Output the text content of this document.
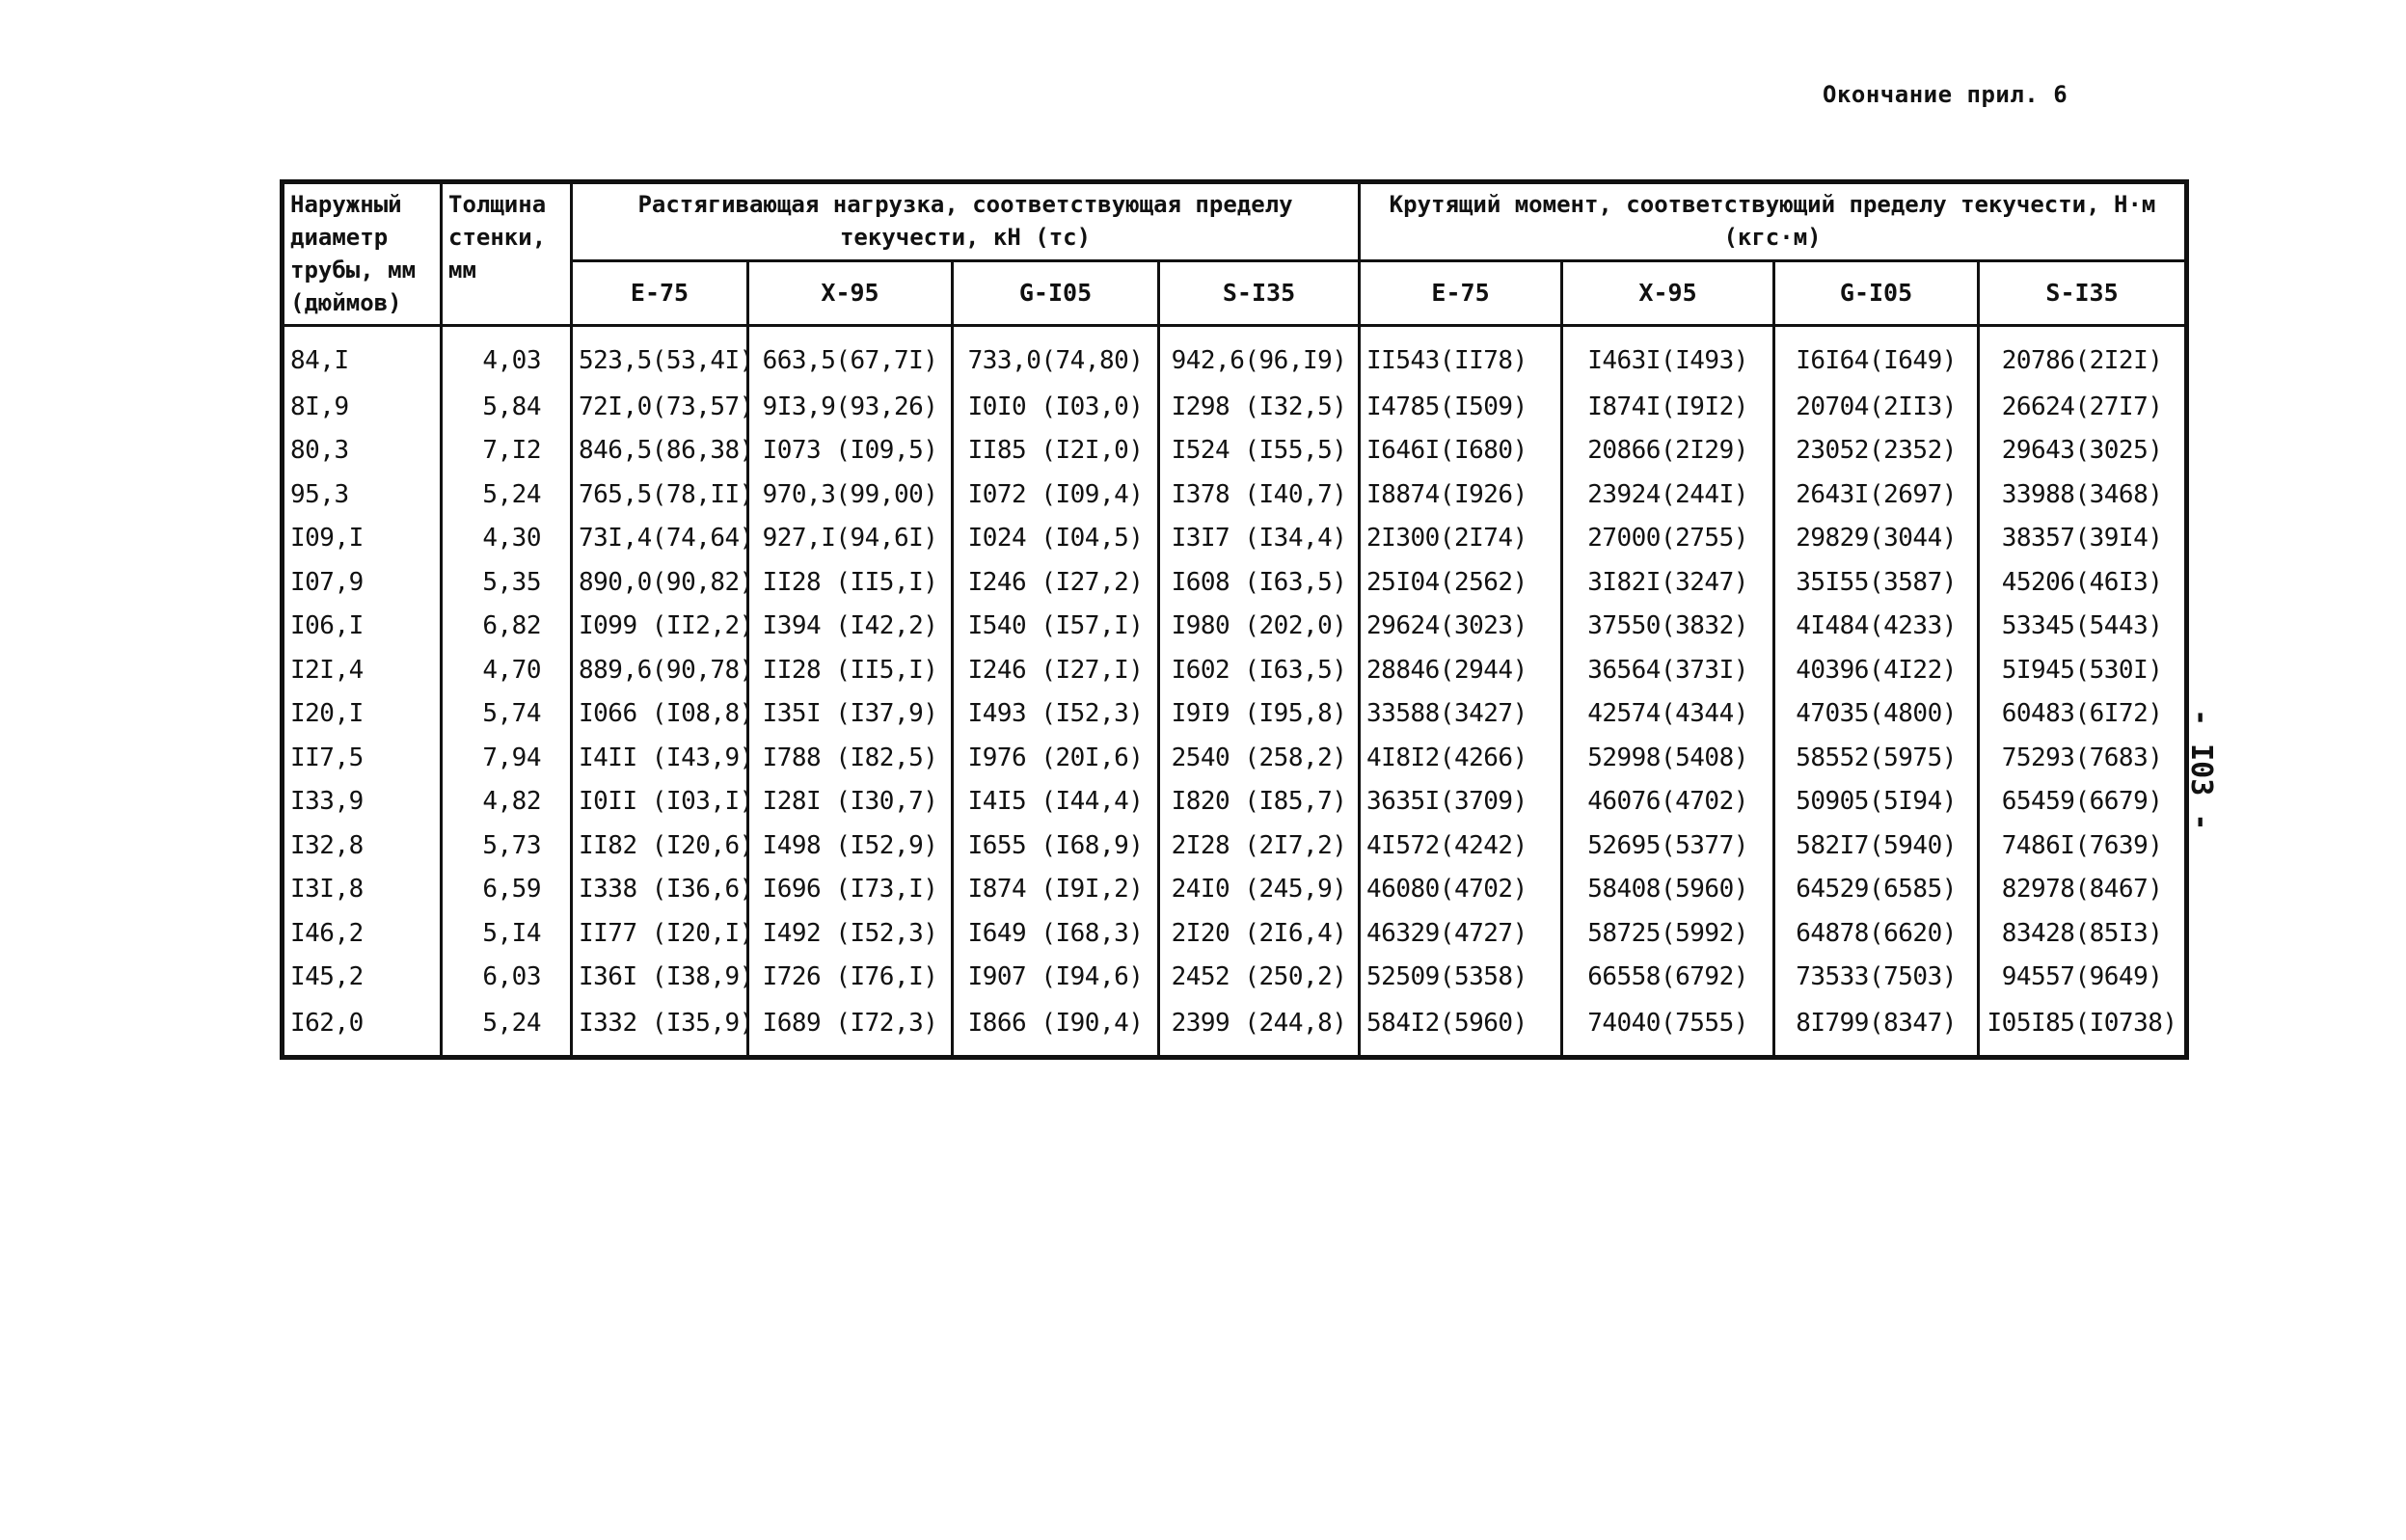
Окончание прил. 6
- I03 -
Наружный диаметр трубы, мм (дюймов)	Толщина стенки, мм	Растягивающая нагрузка, соответствующая пределу текучести, кН (тс)				Крутящий момент, соответствующий пределу текучести, Н·м (кгс·м)			
		Е-75	Х-95	G-I05	S-I35	Е-75	Х-95	G-I05	S-I35
84,I	4,03	523,5(53,4I)	663,5(67,7I)	733,0(74,80)	942,6(96,I9)	II543(II78)	I463I(I493)	I6I64(I649)	20786(2I2I)
8I,9	5,84	72I,0(73,57)	9I3,9(93,26)	I0I0 (I03,0)	I298 (I32,5)	I4785(I509)	I874I(I9I2)	20704(2II3)	26624(27I7)
80,3	7,I2	846,5(86,38)	I073 (I09,5)	II85 (I2I,0)	I524 (I55,5)	I646I(I680)	20866(2I29)	23052(2352)	29643(3025)
95,3	5,24	765,5(78,II)	970,3(99,00)	I072 (I09,4)	I378 (I40,7)	I8874(I926)	23924(244I)	2643I(2697)	33988(3468)
I09,I	4,30	73I,4(74,64)	927,I(94,6I)	I024 (I04,5)	I3I7 (I34,4)	2I300(2I74)	27000(2755)	29829(3044)	38357(39I4)
I07,9	5,35	890,0(90,82)	II28 (II5,I)	I246 (I27,2)	I608 (I63,5)	25I04(2562)	3I82I(3247)	35I55(3587)	45206(46I3)
I06,I	6,82	I099 (II2,2)	I394 (I42,2)	I540 (I57,I)	I980 (202,0)	29624(3023)	37550(3832)	4I484(4233)	53345(5443)
I2I,4	4,70	889,6(90,78)	II28 (II5,I)	I246 (I27,I)	I602 (I63,5)	28846(2944)	36564(373I)	40396(4I22)	5I945(530I)
I20,I	5,74	I066 (I08,8)	I35I (I37,9)	I493 (I52,3)	I9I9 (I95,8)	33588(3427)	42574(4344)	47035(4800)	60483(6I72)
II7,5	7,94	I4II (I43,9)	I788 (I82,5)	I976 (20I,6)	2540 (258,2)	4I8I2(4266)	52998(5408)	58552(5975)	75293(7683)
I33,9	4,82	I0II (I03,I)	I28I (I30,7)	I4I5 (I44,4)	I820 (I85,7)	3635I(3709)	46076(4702)	50905(5I94)	65459(6679)
I32,8	5,73	II82 (I20,6)	I498 (I52,9)	I655 (I68,9)	2I28 (2I7,2)	4I572(4242)	52695(5377)	582I7(5940)	7486I(7639)
I3I,8	6,59	I338 (I36,6)	I696 (I73,I)	I874 (I9I,2)	24I0 (245,9)	46080(4702)	58408(5960)	64529(6585)	82978(8467)
I46,2	5,I4	II77 (I20,I)	I492 (I52,3)	I649 (I68,3)	2I20 (2I6,4)	46329(4727)	58725(5992)	64878(6620)	83428(85I3)
I45,2	6,03	I36I (I38,9)	I726 (I76,I)	I907 (I94,6)	2452 (250,2)	52509(5358)	66558(6792)	73533(7503)	94557(9649)
I62,0	5,24	I332 (I35,9)	I689 (I72,3)	I866 (I90,4)	2399 (244,8)	584I2(5960)	74040(7555)	8I799(8347)	I05I85(I0738)
